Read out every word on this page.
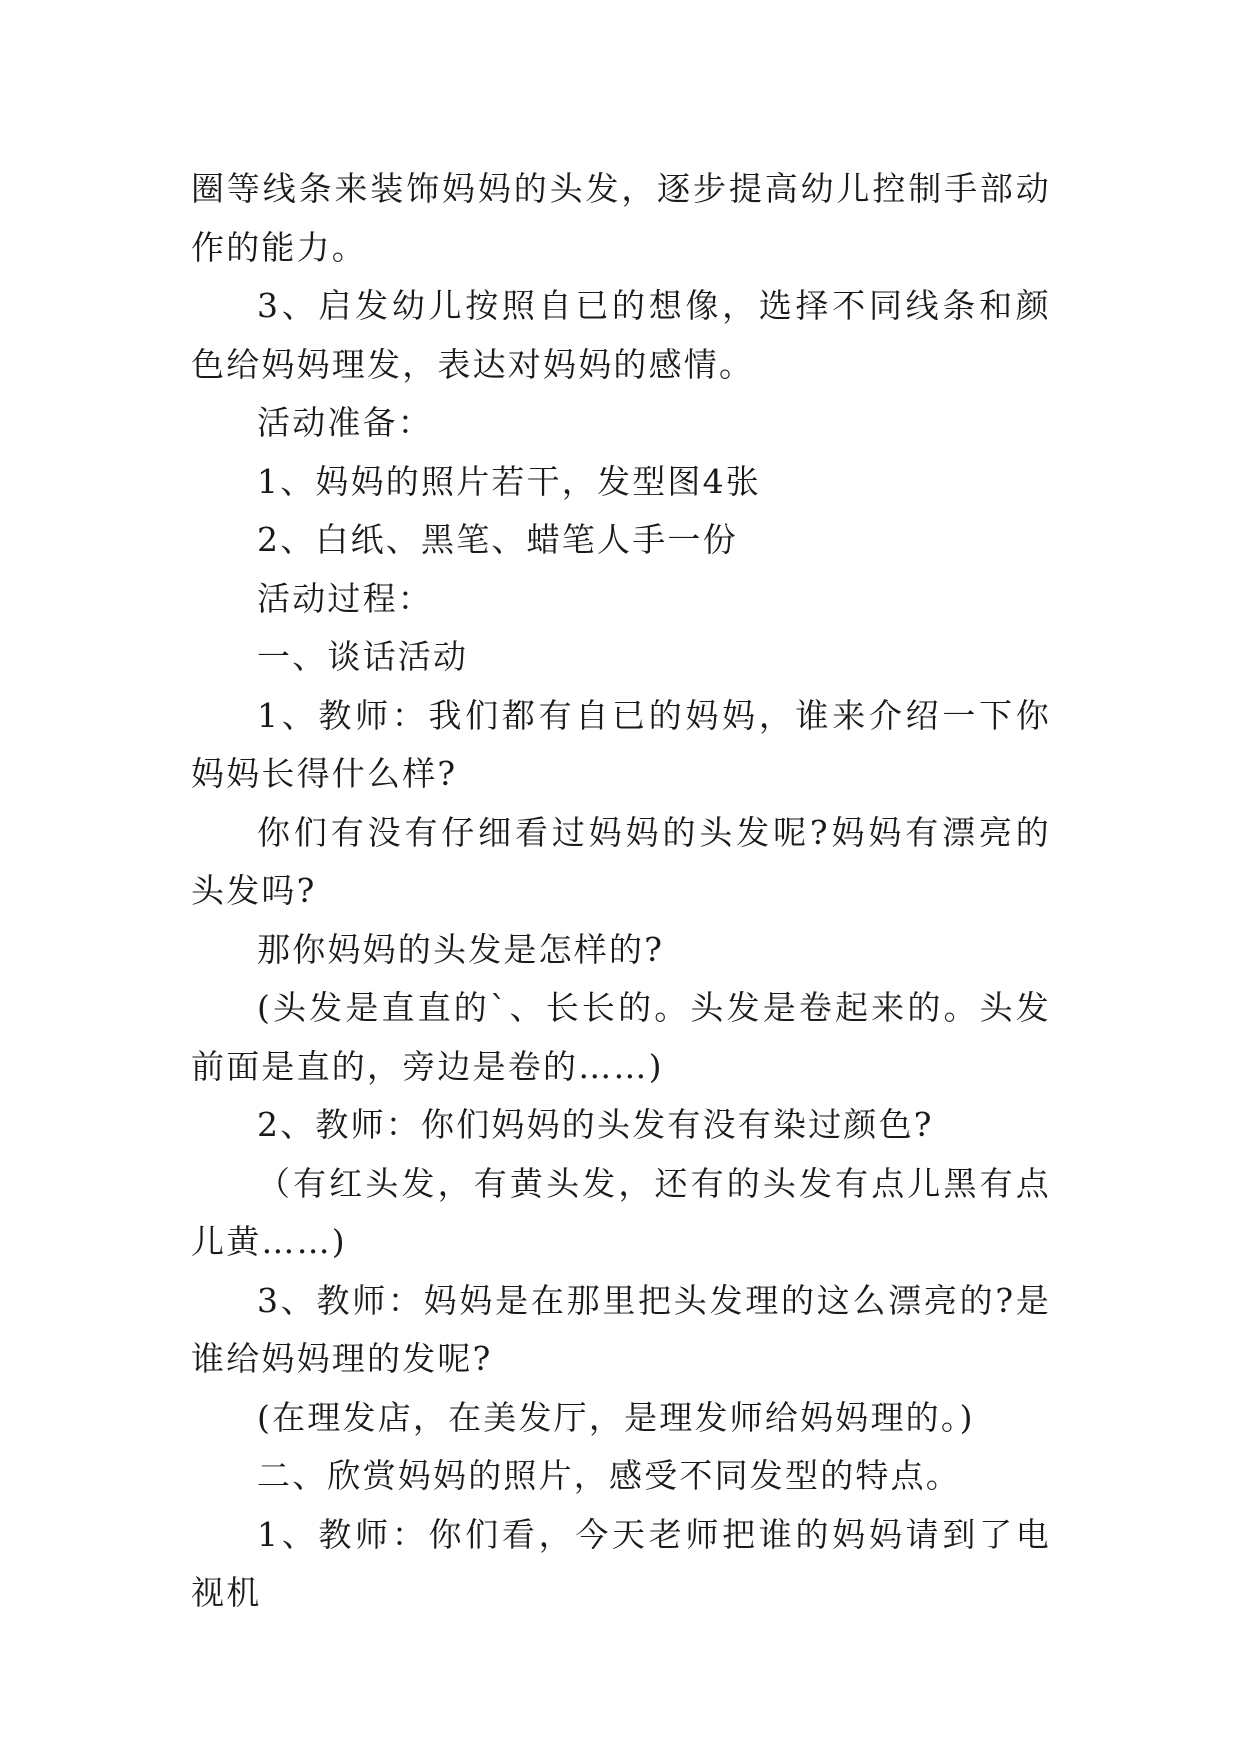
圈等线条来装饰妈妈的头发，逐步提高幼儿控制手部动作的能力。

3、启发幼儿按照自已的想像，选择不同线条和颜色给妈妈理发，表达对妈妈的感情。

活动准备：

1、妈妈的照片若干，发型图4张

2、白纸、黑笔、蜡笔人手一份

活动过程：

一、谈话活动

1、教师：我们都有自已的妈妈，谁来介绍一下你妈妈长得什么样?

你们有没有仔细看过妈妈的头发呢?妈妈有漂亮的头发吗?

那你妈妈的头发是怎样的?

(头发是直直的`、长长的。头发是卷起来的。头发前面是直的，旁边是卷的……)

2、教师：你们妈妈的头发有没有染过颜色?

（有红头发，有黄头发，还有的头发有点儿黑有点儿黄……)

3、教师：妈妈是在那里把头发理的这么漂亮的?是谁给妈妈理的发呢?

(在理发店，在美发厅，是理发师给妈妈理的。)

二、欣赏妈妈的照片，感受不同发型的特点。

1、教师：你们看，今天老师把谁的妈妈请到了电视机
